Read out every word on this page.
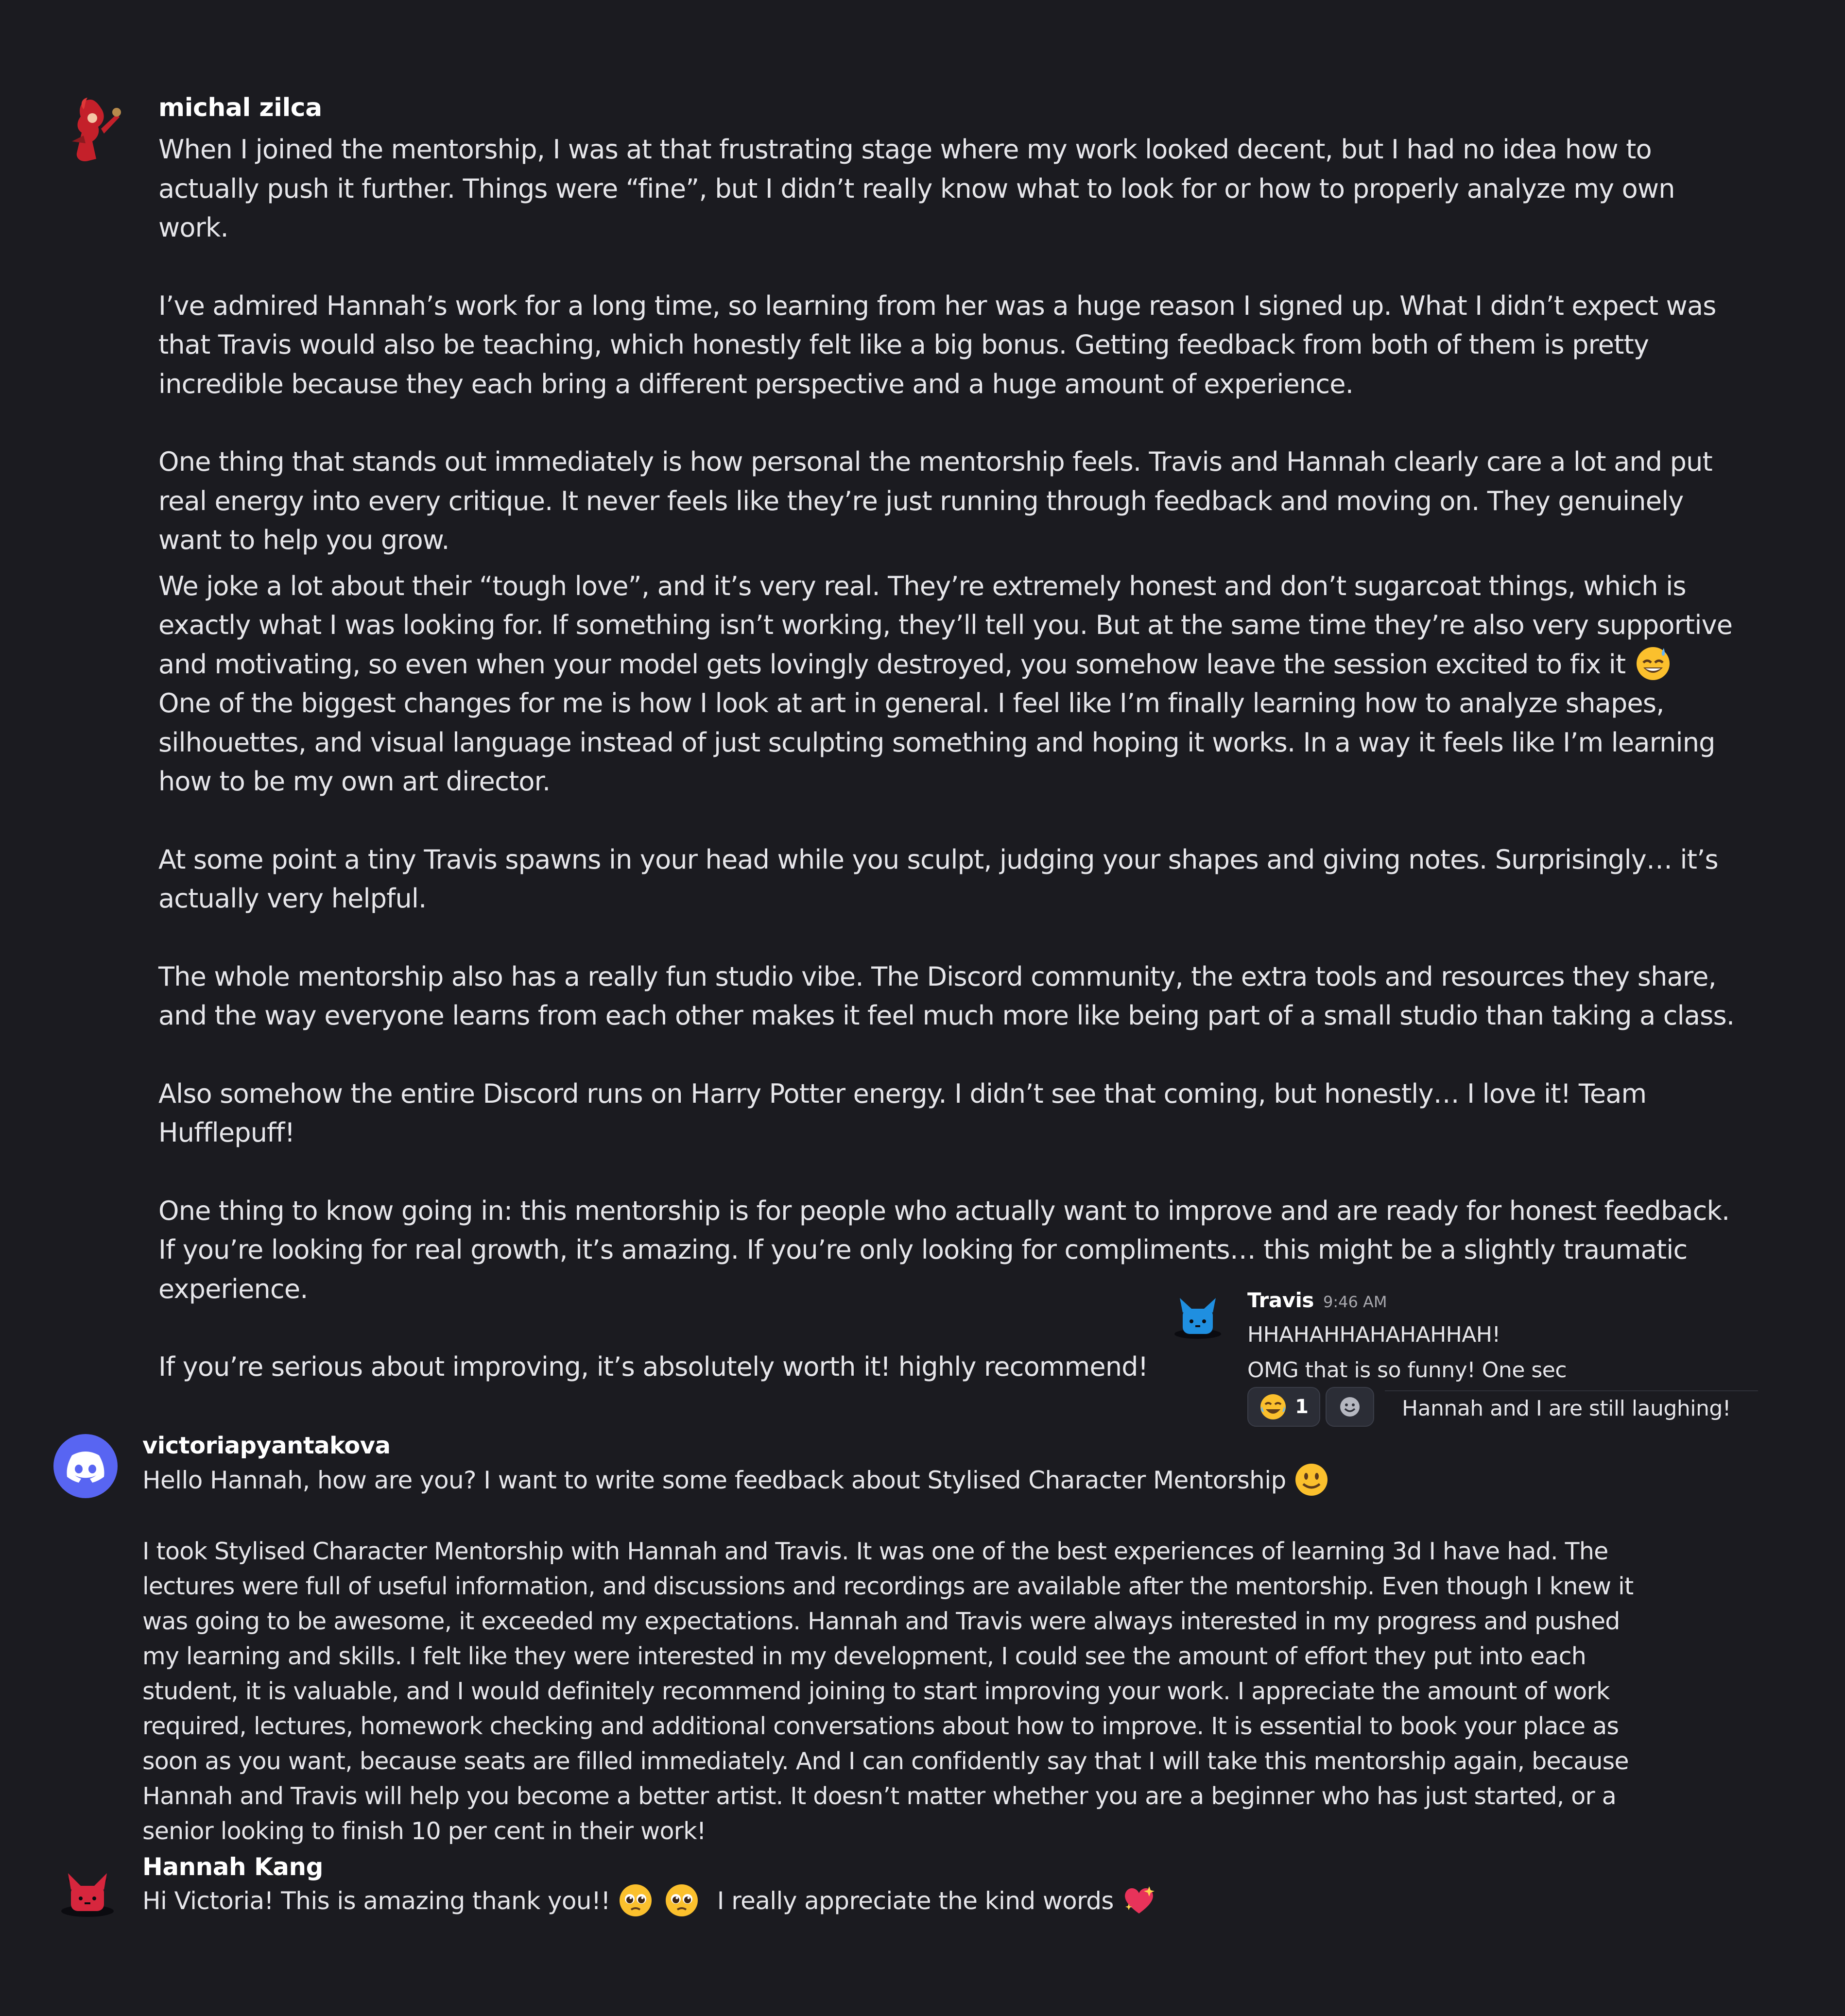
michal zilca

When I joined the mentorship, I was at that frustrating stage where my work looked decent, but I had no idea how to actually push it further. Things were “fine”, but I didn’t really know what to look for or how to properly analyze my own work.

I’ve admired Hannah’s work for a long time, so learning from her was a huge reason I signed up. What I didn’t expect was that Travis would also be teaching, which honestly felt like a big bonus. Getting feedback from both of them is pretty incredible because they each bring a different perspective and a huge amount of experience.

One thing that stands out immediately is how personal the mentorship feels. Travis and Hannah clearly care a lot and put real energy into every critique. It never feels like they’re just running through feedback and moving on. They genuinely want to help you grow.

We joke a lot about their “tough love”, and it’s very real. They’re extremely honest and don’t sugarcoat things, which is exactly what I was looking for. If something isn’t working, they’ll tell you. But at the same time they’re also very supportive and motivating, so even when your model gets lovingly destroyed, you somehow leave the session excited to fix it

One of the biggest changes for me is how I look at art in general. I feel like I’m finally learning how to analyze shapes, silhouettes, and visual language instead of just sculpting something and hoping it works. In a way it feels like I’m learning how to be my own art director.

At some point a tiny Travis spawns in your head while you sculpt, judging your shapes and giving notes. Surprisingly… it’s actually very helpful.

The whole mentorship also has a really fun studio vibe. The Discord community, the extra tools and resources they share, and the way everyone learns from each other makes it feel much more like being part of a small studio than taking a class.

Also somehow the entire Discord runs on Harry Potter energy. I didn’t see that coming, but honestly… I love it! Team Hufflepuff!

One thing to know going in: this mentorship is for people who actually want to improve and are ready for honest feedback. If you’re looking for real growth, it’s amazing. If you’re only looking for compliments… this might be a slightly traumatic experience.

If you’re serious about improving, it’s absolutely worth it! highly recommend!

Travis 9:46 AM
HHAHAHHAHAHAHHAH!
OMG that is so funny! One sec
1	Hannah and I are still laughing!
victoriapyantakova
Hello Hannah, how are you? I want to write some feedback about Stylised Character Mentorship
I took Stylised Character Mentorship with Hannah and Travis. It was one of the best experiences of learning 3d I have had. The lectures were full of useful information, and discussions and recordings are available after the mentorship. Even though I knew it was going to be awesome, it exceeded my expectations. Hannah and Travis were always interested in my progress and pushed my learning and skills. I felt like they were interested in my development, I could see the amount of effort they put into each student, it is valuable, and I would definitely recommend joining to start improving your work. I appreciate the amount of work required, lectures, homework checking and additional conversations about how to improve. It is essential to book your place as soon as you want, because seats are filled immediately. And I can confidently say that I will take this mentorship again, because Hannah and Travis will help you become a better artist. It doesn’t matter whether you are a beginner who has just started, or a senior looking to finish 10 per cent in their work!
Hannah Kang
Hi Victoria! This is amazing thank you!!	I really appreciate the kind words
